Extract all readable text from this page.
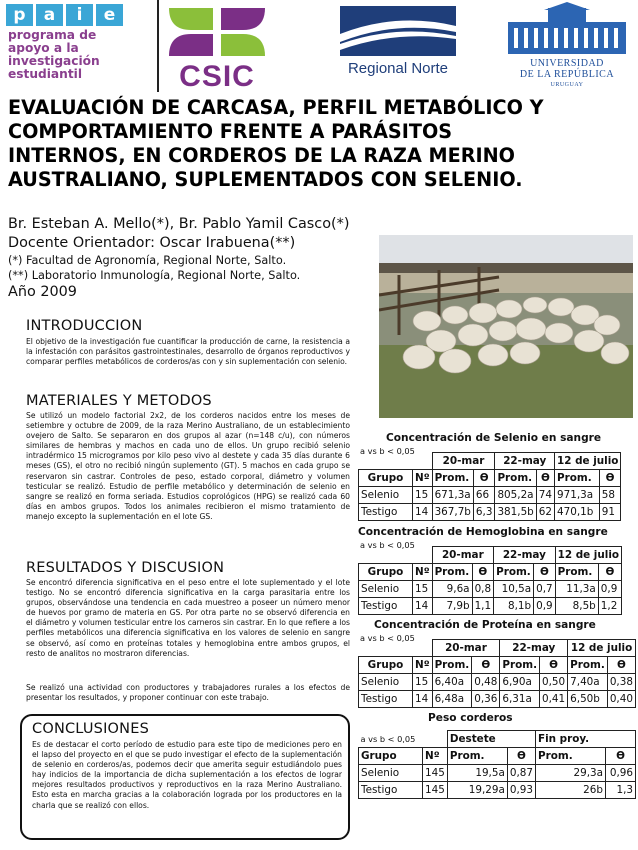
p	a	i	e
programa de
apoyo a la
investigación
estudiantil	CSIC	Regional Norte	UNIVERSIDAD
DE LA REPÚBLICA
URUGUAY
EVALUACIÓN DE CARCASA, PERFIL METABÓLICO Y
COMPORTAMIENTO FRENTE A PARÁSITOS
INTERNOS, EN CORDEROS DE LA RAZA MERINO
AUSTRALIANO, SUPLEMENTADOS CON SELENIO.
Br. Esteban A. Mello(*), Br. Pablo Yamil Casco(*)
Docente Orientador: Oscar Irabuena(**)
(*) Facultad de Agronomía, Regional Norte, Salto.
(**) Laboratorio Inmunología, Regional Norte, Salto.
Año 2009
INTRODUCCION
El objetivo de la investigación fue cuantificar la producción de carne, la resistencia a la infestación con parásitos gastrointestinales, desarrollo de órganos reproductivos y comparar perfiles metabólicos de corderos/as con y sin suplementación con selenio.
MATERIALES Y METODOS
Se utilizó un modelo factorial 2x2, de los corderos nacidos entre los meses de setiembre y octubre de 2009, de la raza Merino Australiano, de un establecimiento ovejero de Salto. Se separaron en dos grupos al azar (n=148 c/u), con números similares de hembras y machos en cada uno de ellos. Un grupo recibió selenio intradérmico 15 microgramos por kilo peso vivo al destete y cada 35 días durante 6 meses (GS), el otro no recibió ningún suplemento (GT). 5 machos en cada grupo se reservaron sin castrar. Controles de peso, estado corporal, diámetro y volumen testicular se realizó. Estudio de perfile metabólico y determinación de selenio en sangre se realizó en forma seriada. Estudios coprológicos (HPG) se realizó cada 60 días en ambos grupos. Todos los animales recibieron el mismo tratamiento de manejo excepto la suplementación en el lote GS.
RESULTADOS Y DISCUSION
Se encontró diferencia significativa en el peso entre el lote suplementado y el lote testigo. No se encontró diferencia significativa en la carga parasitaria entre los grupos, observándose una tendencia en cada muestreo a poseer un número menor de huevos por gramo de materia en GS. Por otra parte no se observó diferencia en el diámetro y volumen testicular entre los carneros sin castrar. En lo que refiere a los perfiles metabólicos una diferencia significativa en los valores de selenio en sangre se observó, así como en proteínas totales y hemoglobina entre ambos grupos, el resto de analitos no mostraron diferencias.
Se realizó una actividad con productores y trabajadores rurales a los efectos de presentar los resultados, y proponer continuar con este trabajo.
CONCLUSIONES
Es de destacar el corto período de estudio para este tipo de mediciones pero en el lapso del proyecto en el que se pudo investigar el efecto de la suplementación de selenio en corderos/as, podemos decir que amerita seguir estudiándolo pues hay indicios de la importancia de dicha suplementación a los efectos de lograr mejores resultados productivos y reproductivos en la raza Merino Australiano. Esto esta en marcha gracias a la colaboración lograda por los productores en la charla que se realizó con ellos.
Concentración de Selenio en sangre
a vs b < 0,05
		20-mar		22-may		12 de julio	
Grupo	Nº	Prom.	ϴ	Prom.	ϴ	Prom.	ϴ
Selenio	15	671,3a	66	805,2a	74	971,3a	58
Testigo	14	367,7b	6,3	381,5b	62	470,1b	91
Concentración de Hemoglobina en sangre
a vs b < 0,05
		20-mar		22-may		12 de julio	
Grupo	Nº	Prom.	ϴ	Prom.	ϴ	Prom.	ϴ
Selenio	15	9,6a	0,8	10,5a	0,7	11,3a	0,9
Testigo	14	7,9b	1,1	8,1b	0,9	8,5b	1,2
Concentración de Proteína en sangre
a vs b < 0,05
		20-mar		22-may		12 de julio	
Grupo	Nº	Prom.	ϴ	Prom.	ϴ	Prom.	ϴ
Selenio	15	6,40a	0,48	6,90a	0,50	7,40a	0,38
Testigo	14	6,48a	0,36	6,31a	0,41	6,50b	0,40
Peso corderos
a vs b < 0,05		Destete		Fin proy.	
Grupo	Nº	Prom.	ϴ	Prom.	ϴ
Selenio	145	19,5a	0,87	29,3a	0,96
Testigo	145	19,29a	0,93	26b	1,3
